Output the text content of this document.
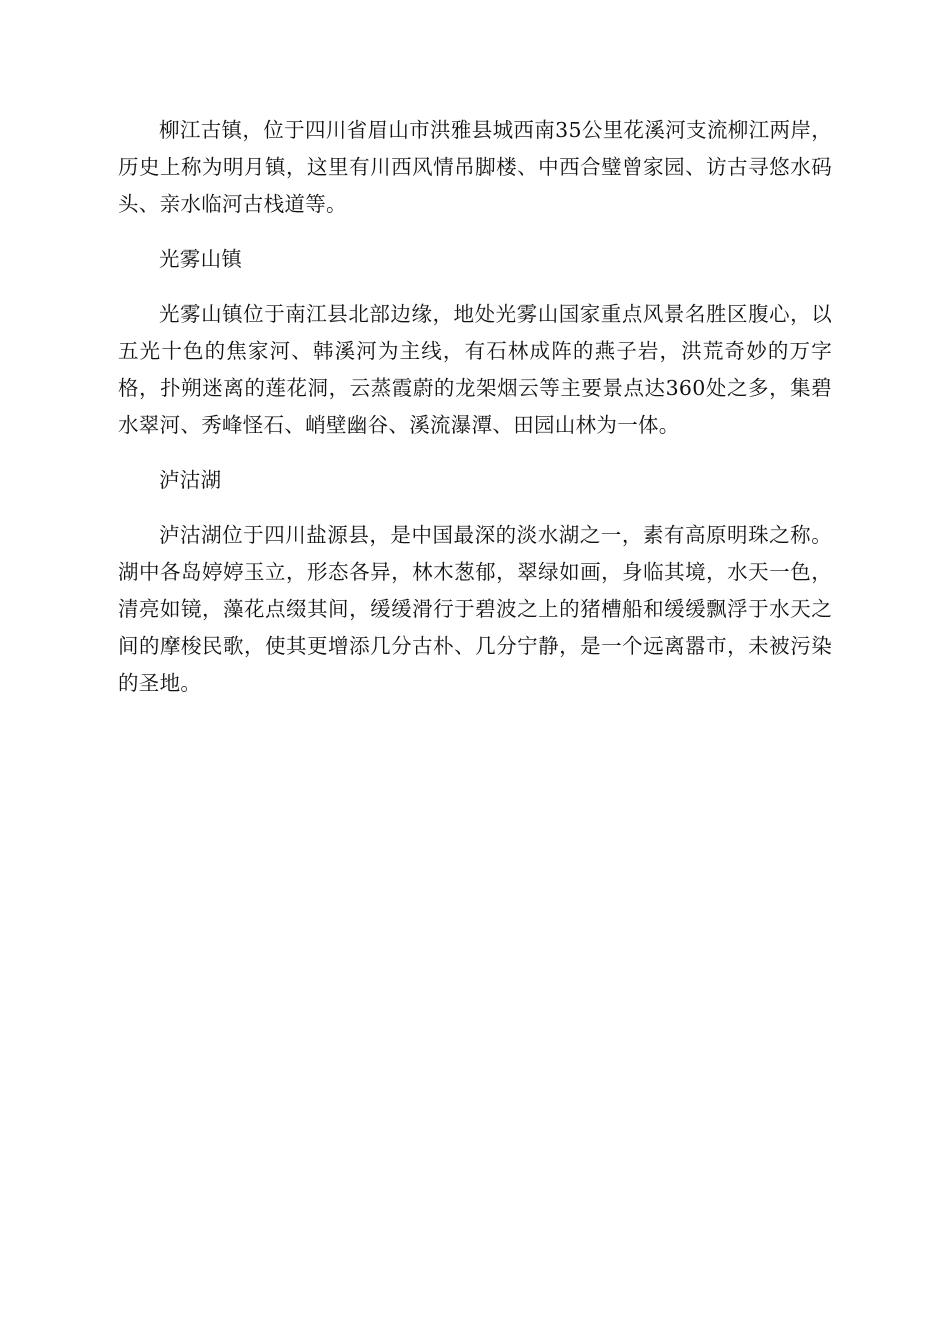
柳江古镇，位于四川省眉山市洪雅县城西南35公里花溪河支流柳江两岸，历史上称为明月镇，这里有川西风情吊脚楼、中西合璧曾家园、访古寻悠水码头、亲水临河古栈道等。

光雾山镇

光雾山镇位于南江县北部边缘，地处光雾山国家重点风景名胜区腹心，以五光十色的焦家河、韩溪河为主线，有石林成阵的燕子岩，洪荒奇妙的万字格，扑朔迷离的莲花洞，云蒸霞蔚的龙架烟云等主要景点达360处之多，集碧水翠河、秀峰怪石、峭壁幽谷、溪流瀑潭、田园山林为一体。

泸沽湖

泸沽湖位于四川盐源县，是中国最深的淡水湖之一，素有高原明珠之称。湖中各岛婷婷玉立，形态各异，林木葱郁，翠绿如画，身临其境，水天一色，清亮如镜，藻花点缀其间，缓缓滑行于碧波之上的猪槽船和缓缓飘浮于水天之间的摩梭民歌，使其更增添几分古朴、几分宁静，是一个远离嚣市，未被污染的圣地。
